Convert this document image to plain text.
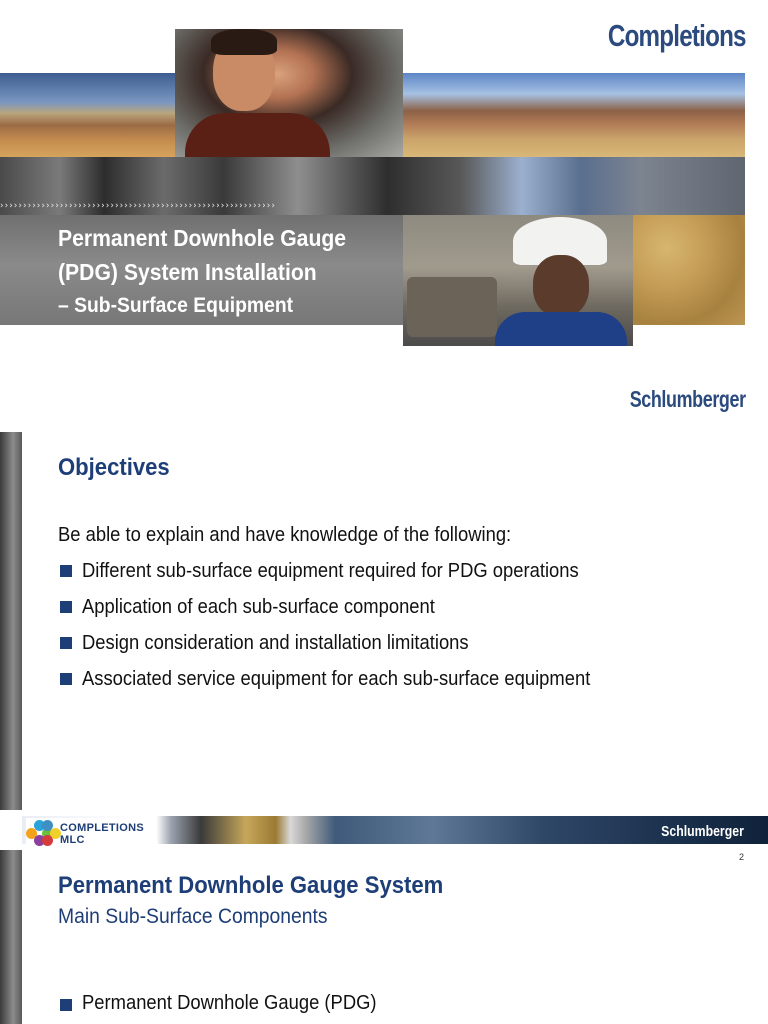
Completions
››››››››››››››››››››››››››››››››››››››››››››››››››››››››››››
Permanent Downhole Gauge
(PDG) System Installation
– Sub-Surface Equipment
Schlumberger
Objectives
Be able to explain and have knowledge of the following:
Different sub-surface equipment required for PDG operations
Application of each sub-surface component
Design consideration and installation limitations
Associated service equipment for each sub-surface equipment
COMPLETIONS
MLC	Schlumberger
2
Permanent Downhole Gauge System
Main Sub-Surface Components
Permanent Downhole Gauge (PDG)
